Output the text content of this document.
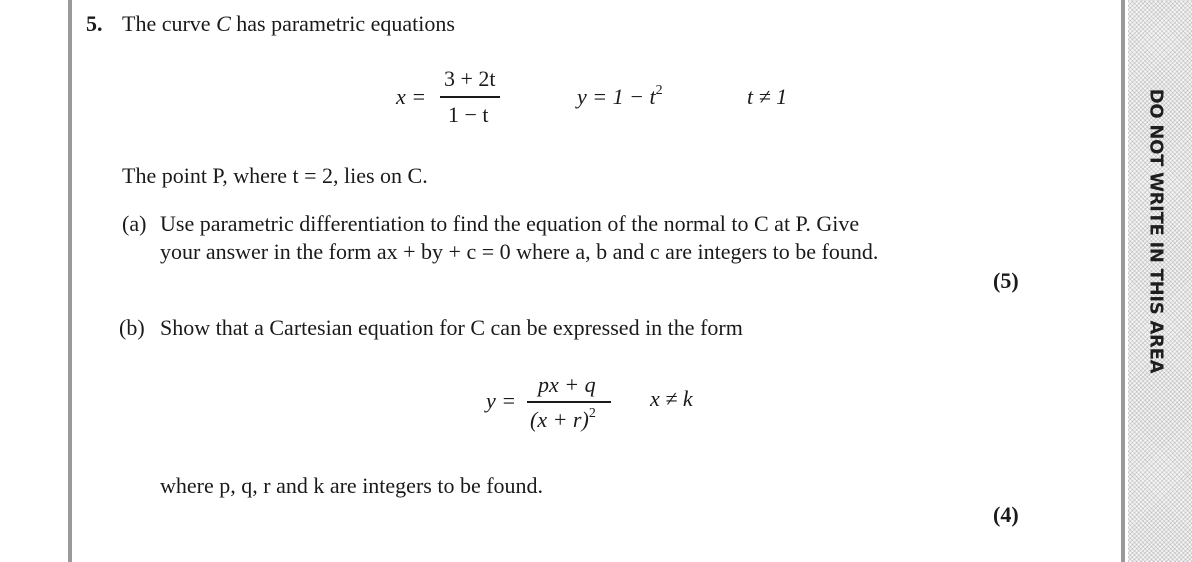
DO NOT WRITE IN THIS AREA
5. The curve C has parametric equations
x =
3 + 2t
1 − t
$y = 1 - t^2$	t ≠ 1
The point P, where t = 2, lies on C.
(a) Use parametric differentiation to find the equation of the normal to C at P. Give
your answer in the form ax + by + c = 0 where a, b and c are integers to be found.
(5)
(b) Show that a Cartesian equation for C can be expressed in the form
y =
px + q
$(x + r)^2$
x ≠ k
where p, q, r and k are integers to be found.
(4)
